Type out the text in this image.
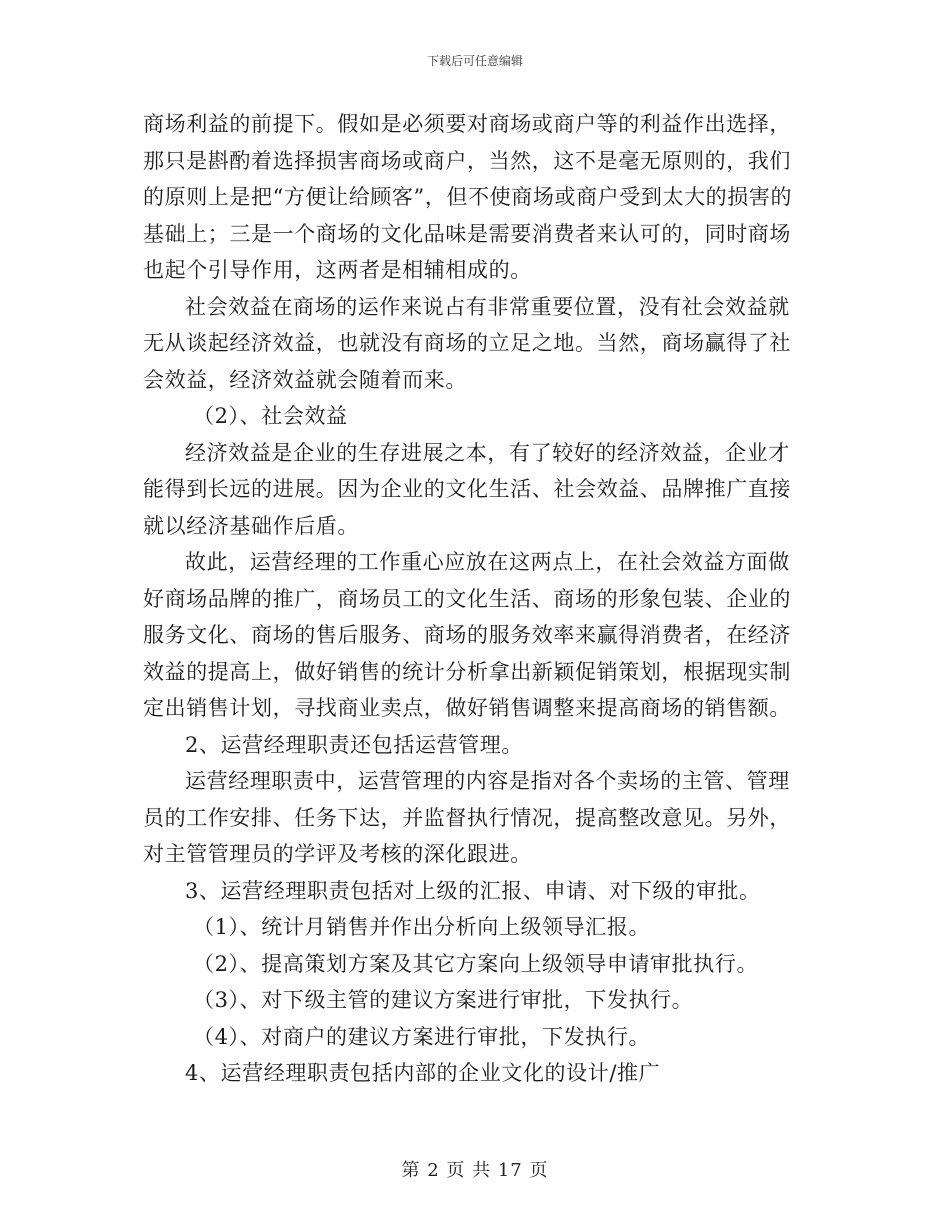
下载后可任意编辑

商场利益的前提下。假如是必须要对商场或商户等的利益作出选择，那只是斟酌着选择损害商场或商户，当然，这不是毫无原则的，我们的原则上是把“方便让给顾客”，但不使商场或商户受到太大的损害的基础上；三是一个商场的文化品味是需要消费者来认可的，同时商场也起个引导作用，这两者是相辅相成的。

社会效益在商场的运作来说占有非常重要位置，没有社会效益就无从谈起经济效益，也就没有商场的立足之地。当然，商场赢得了社会效益，经济效益就会随着而来。

（2）、社会效益

经济效益是企业的生存进展之本，有了较好的经济效益，企业才能得到长远的进展。因为企业的文化生活、社会效益、品牌推广直接就以经济基础作后盾。

故此，运营经理的工作重心应放在这两点上，在社会效益方面做好商场品牌的推广，商场员工的文化生活、商场的形象包装、企业的服务文化、商场的售后服务、商场的服务效率来赢得消费者，在经济效益的提高上，做好销售的统计分析拿出新颖促销策划，根据现实制定出销售计划，寻找商业卖点，做好销售调整来提高商场的销售额。

2、运营经理职责还包括运营管理。

运营经理职责中，运营管理的内容是指对各个卖场的主管、管理员的工作安排、任务下达，并监督执行情况，提高整改意见。另外，对主管管理员的学评及考核的深化跟进。

3、运营经理职责包括对上级的汇报、申请、对下级的审批。

（1）、统计月销售并作出分析向上级领导汇报。

（2）、提高策划方案及其它方案向上级领导申请审批执行。

（3）、对下级主管的建议方案进行审批，下发执行。

（4）、对商户的建议方案进行审批，下发执行。

4、运营经理职责包括内部的企业文化的设计/推广

第 2 页 共 17 页
